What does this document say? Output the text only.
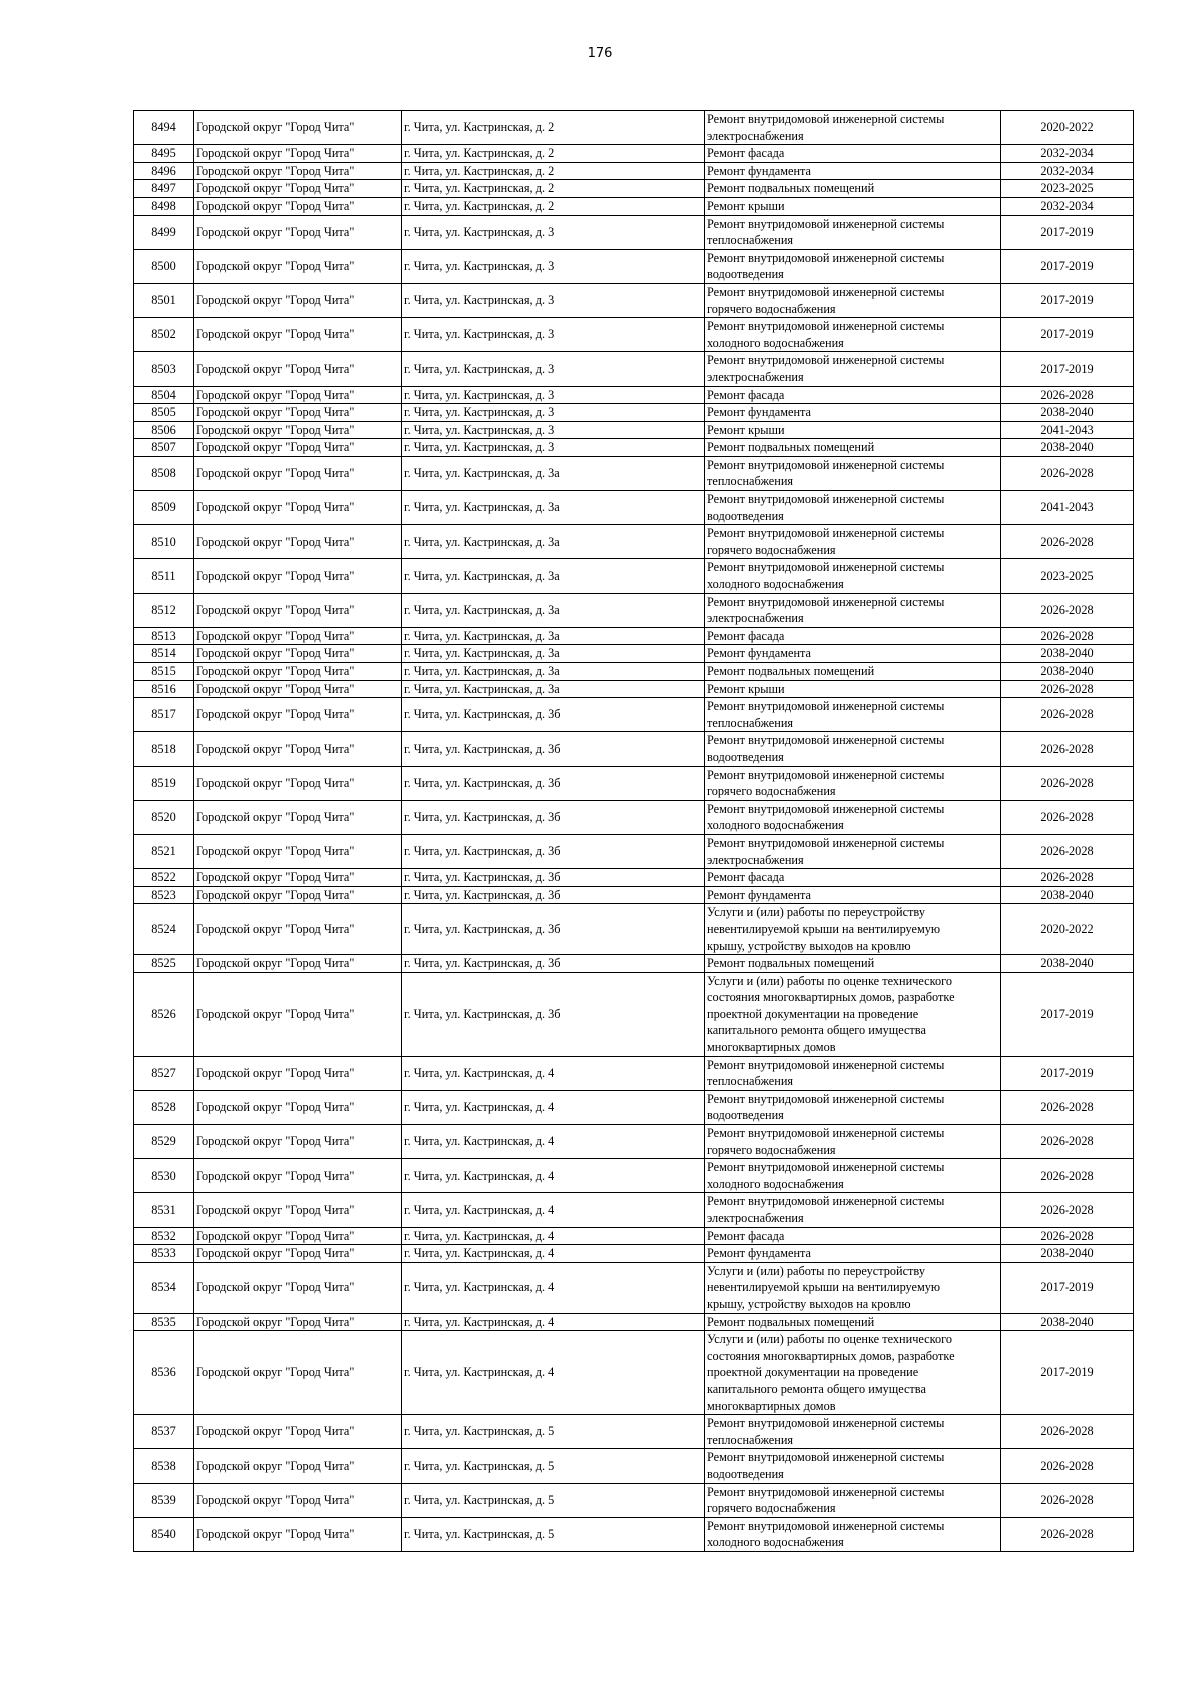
176
8494	Городской округ "Город Чита"	г. Чита, ул. Кастринская, д. 2	Ремонт внутридомовой инженерной системы
электроснабжения	2020-2022
8495	Городской округ "Город Чита"	г. Чита, ул. Кастринская, д. 2	Ремонт фасада	2032-2034
8496	Городской округ "Город Чита"	г. Чита, ул. Кастринская, д. 2	Ремонт фундамента	2032-2034
8497	Городской округ "Город Чита"	г. Чита, ул. Кастринская, д. 2	Ремонт подвальных помещений	2023-2025
8498	Городской округ "Город Чита"	г. Чита, ул. Кастринская, д. 2	Ремонт крыши	2032-2034
8499	Городской округ "Город Чита"	г. Чита, ул. Кастринская, д. 3	Ремонт внутридомовой инженерной системы
теплоснабжения	2017-2019
8500	Городской округ "Город Чита"	г. Чита, ул. Кастринская, д. 3	Ремонт внутридомовой инженерной системы
водоотведения	2017-2019
8501	Городской округ "Город Чита"	г. Чита, ул. Кастринская, д. 3	Ремонт внутридомовой инженерной системы
горячего водоснабжения	2017-2019
8502	Городской округ "Город Чита"	г. Чита, ул. Кастринская, д. 3	Ремонт внутридомовой инженерной системы
холодного водоснабжения	2017-2019
8503	Городской округ "Город Чита"	г. Чита, ул. Кастринская, д. 3	Ремонт внутридомовой инженерной системы
электроснабжения	2017-2019
8504	Городской округ "Город Чита"	г. Чита, ул. Кастринская, д. 3	Ремонт фасада	2026-2028
8505	Городской округ "Город Чита"	г. Чита, ул. Кастринская, д. 3	Ремонт фундамента	2038-2040
8506	Городской округ "Город Чита"	г. Чита, ул. Кастринская, д. 3	Ремонт крыши	2041-2043
8507	Городской округ "Город Чита"	г. Чита, ул. Кастринская, д. 3	Ремонт подвальных помещений	2038-2040
8508	Городской округ "Город Чита"	г. Чита, ул. Кастринская, д. 3а	Ремонт внутридомовой инженерной системы
теплоснабжения	2026-2028
8509	Городской округ "Город Чита"	г. Чита, ул. Кастринская, д. 3а	Ремонт внутридомовой инженерной системы
водоотведения	2041-2043
8510	Городской округ "Город Чита"	г. Чита, ул. Кастринская, д. 3а	Ремонт внутридомовой инженерной системы
горячего водоснабжения	2026-2028
8511	Городской округ "Город Чита"	г. Чита, ул. Кастринская, д. 3а	Ремонт внутридомовой инженерной системы
холодного водоснабжения	2023-2025
8512	Городской округ "Город Чита"	г. Чита, ул. Кастринская, д. 3а	Ремонт внутридомовой инженерной системы
электроснабжения	2026-2028
8513	Городской округ "Город Чита"	г. Чита, ул. Кастринская, д. 3а	Ремонт фасада	2026-2028
8514	Городской округ "Город Чита"	г. Чита, ул. Кастринская, д. 3а	Ремонт фундамента	2038-2040
8515	Городской округ "Город Чита"	г. Чита, ул. Кастринская, д. 3а	Ремонт подвальных помещений	2038-2040
8516	Городской округ "Город Чита"	г. Чита, ул. Кастринская, д. 3а	Ремонт крыши	2026-2028
8517	Городской округ "Город Чита"	г. Чита, ул. Кастринская, д. 3б	Ремонт внутридомовой инженерной системы
теплоснабжения	2026-2028
8518	Городской округ "Город Чита"	г. Чита, ул. Кастринская, д. 3б	Ремонт внутридомовой инженерной системы
водоотведения	2026-2028
8519	Городской округ "Город Чита"	г. Чита, ул. Кастринская, д. 3б	Ремонт внутридомовой инженерной системы
горячего водоснабжения	2026-2028
8520	Городской округ "Город Чита"	г. Чита, ул. Кастринская, д. 3б	Ремонт внутридомовой инженерной системы
холодного водоснабжения	2026-2028
8521	Городской округ "Город Чита"	г. Чита, ул. Кастринская, д. 3б	Ремонт внутридомовой инженерной системы
электроснабжения	2026-2028
8522	Городской округ "Город Чита"	г. Чита, ул. Кастринская, д. 3б	Ремонт фасада	2026-2028
8523	Городской округ "Город Чита"	г. Чита, ул. Кастринская, д. 3б	Ремонт фундамента	2038-2040
8524	Городской округ "Город Чита"	г. Чита, ул. Кастринская, д. 3б	Услуги и (или) работы по переустройству
невентилируемой крыши на вентилируемую
крышу, устройству выходов на кровлю	2020-2022
8525	Городской округ "Город Чита"	г. Чита, ул. Кастринская, д. 3б	Ремонт подвальных помещений	2038-2040
8526	Городской округ "Город Чита"	г. Чита, ул. Кастринская, д. 3б	Услуги и (или) работы по оценке технического
состояния многоквартирных домов, разработке
проектной документации на проведение
капитального ремонта общего имущества
многоквартирных домов	2017-2019
8527	Городской округ "Город Чита"	г. Чита, ул. Кастринская, д. 4	Ремонт внутридомовой инженерной системы
теплоснабжения	2017-2019
8528	Городской округ "Город Чита"	г. Чита, ул. Кастринская, д. 4	Ремонт внутридомовой инженерной системы
водоотведения	2026-2028
8529	Городской округ "Город Чита"	г. Чита, ул. Кастринская, д. 4	Ремонт внутридомовой инженерной системы
горячего водоснабжения	2026-2028
8530	Городской округ "Город Чита"	г. Чита, ул. Кастринская, д. 4	Ремонт внутридомовой инженерной системы
холодного водоснабжения	2026-2028
8531	Городской округ "Город Чита"	г. Чита, ул. Кастринская, д. 4	Ремонт внутридомовой инженерной системы
электроснабжения	2026-2028
8532	Городской округ "Город Чита"	г. Чита, ул. Кастринская, д. 4	Ремонт фасада	2026-2028
8533	Городской округ "Город Чита"	г. Чита, ул. Кастринская, д. 4	Ремонт фундамента	2038-2040
8534	Городской округ "Город Чита"	г. Чита, ул. Кастринская, д. 4	Услуги и (или) работы по переустройству
невентилируемой крыши на вентилируемую
крышу, устройству выходов на кровлю	2017-2019
8535	Городской округ "Город Чита"	г. Чита, ул. Кастринская, д. 4	Ремонт подвальных помещений	2038-2040
8536	Городской округ "Город Чита"	г. Чита, ул. Кастринская, д. 4	Услуги и (или) работы по оценке технического
состояния многоквартирных домов, разработке
проектной документации на проведение
капитального ремонта общего имущества
многоквартирных домов	2017-2019
8537	Городской округ "Город Чита"	г. Чита, ул. Кастринская, д. 5	Ремонт внутридомовой инженерной системы
теплоснабжения	2026-2028
8538	Городской округ "Город Чита"	г. Чита, ул. Кастринская, д. 5	Ремонт внутридомовой инженерной системы
водоотведения	2026-2028
8539	Городской округ "Город Чита"	г. Чита, ул. Кастринская, д. 5	Ремонт внутридомовой инженерной системы
горячего водоснабжения	2026-2028
8540	Городской округ "Город Чита"	г. Чита, ул. Кастринская, д. 5	Ремонт внутридомовой инженерной системы
холодного водоснабжения	2026-2028
